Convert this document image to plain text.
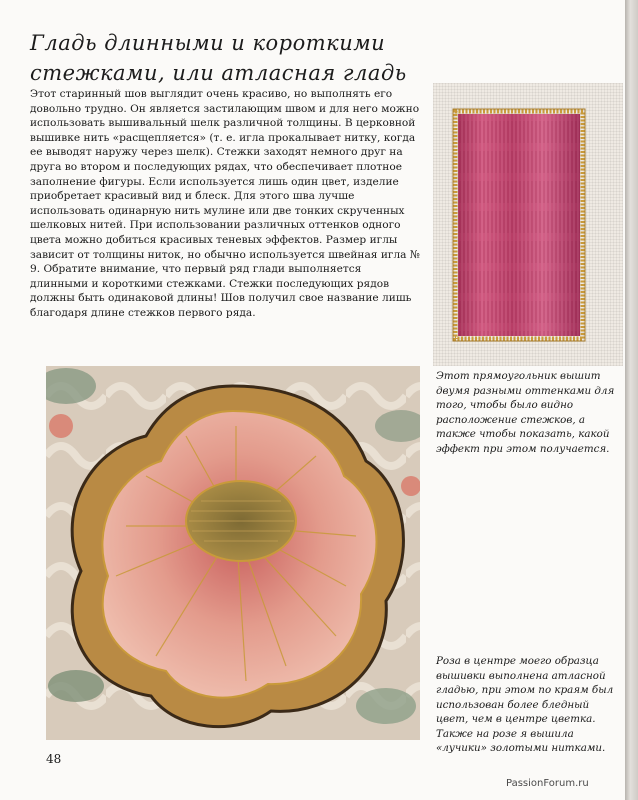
Гладь длинными и короткими
стежками, или атласная гладь

Этот старинный шов выглядит очень красиво, но выполнять его довольно трудно. Он является застилающим швом и для него можно использовать вышивальный шелк различной толщины. В церковной вышивке нить «расщепляется» (т. е. игла прокалывает нитку, когда ее выводят наружу через шелк). Стежки заходят немного друг на друга во втором и последующих рядах, что обеспечивает плотное заполнение фигуры. Если используется лишь один цвет, изделие приобретает красивый вид и блеск. Для этого шва лучше использовать одинарную нить мулине или две тонких скрученных шелковых нитей. При использовании различных оттенков одного цвета можно добиться красивых теневых эффектов. Размер иглы зависит от толщины ниток, но обычно используется швейная игла № 9. Обратите внимание, что первый ряд глади выполняется длинными и короткими стежками. Стежки последующих рядов должны быть одинаковой длины! Шов получил свое название лишь благодаря длине стежков первого ряда.

Этот прямоугольник вышит двумя разными оттенками для того, чтобы было видно расположение стежков, а также чтобы показать, какой эффект при этом получается.

Роза в центре моего образца вышивки выполнена атласной гладью, при этом по краям был использован более бледный цвет, чем в центре цветка. Также на розе я вышила «лучики» золотыми нитками.

48
PassionForum.ru
